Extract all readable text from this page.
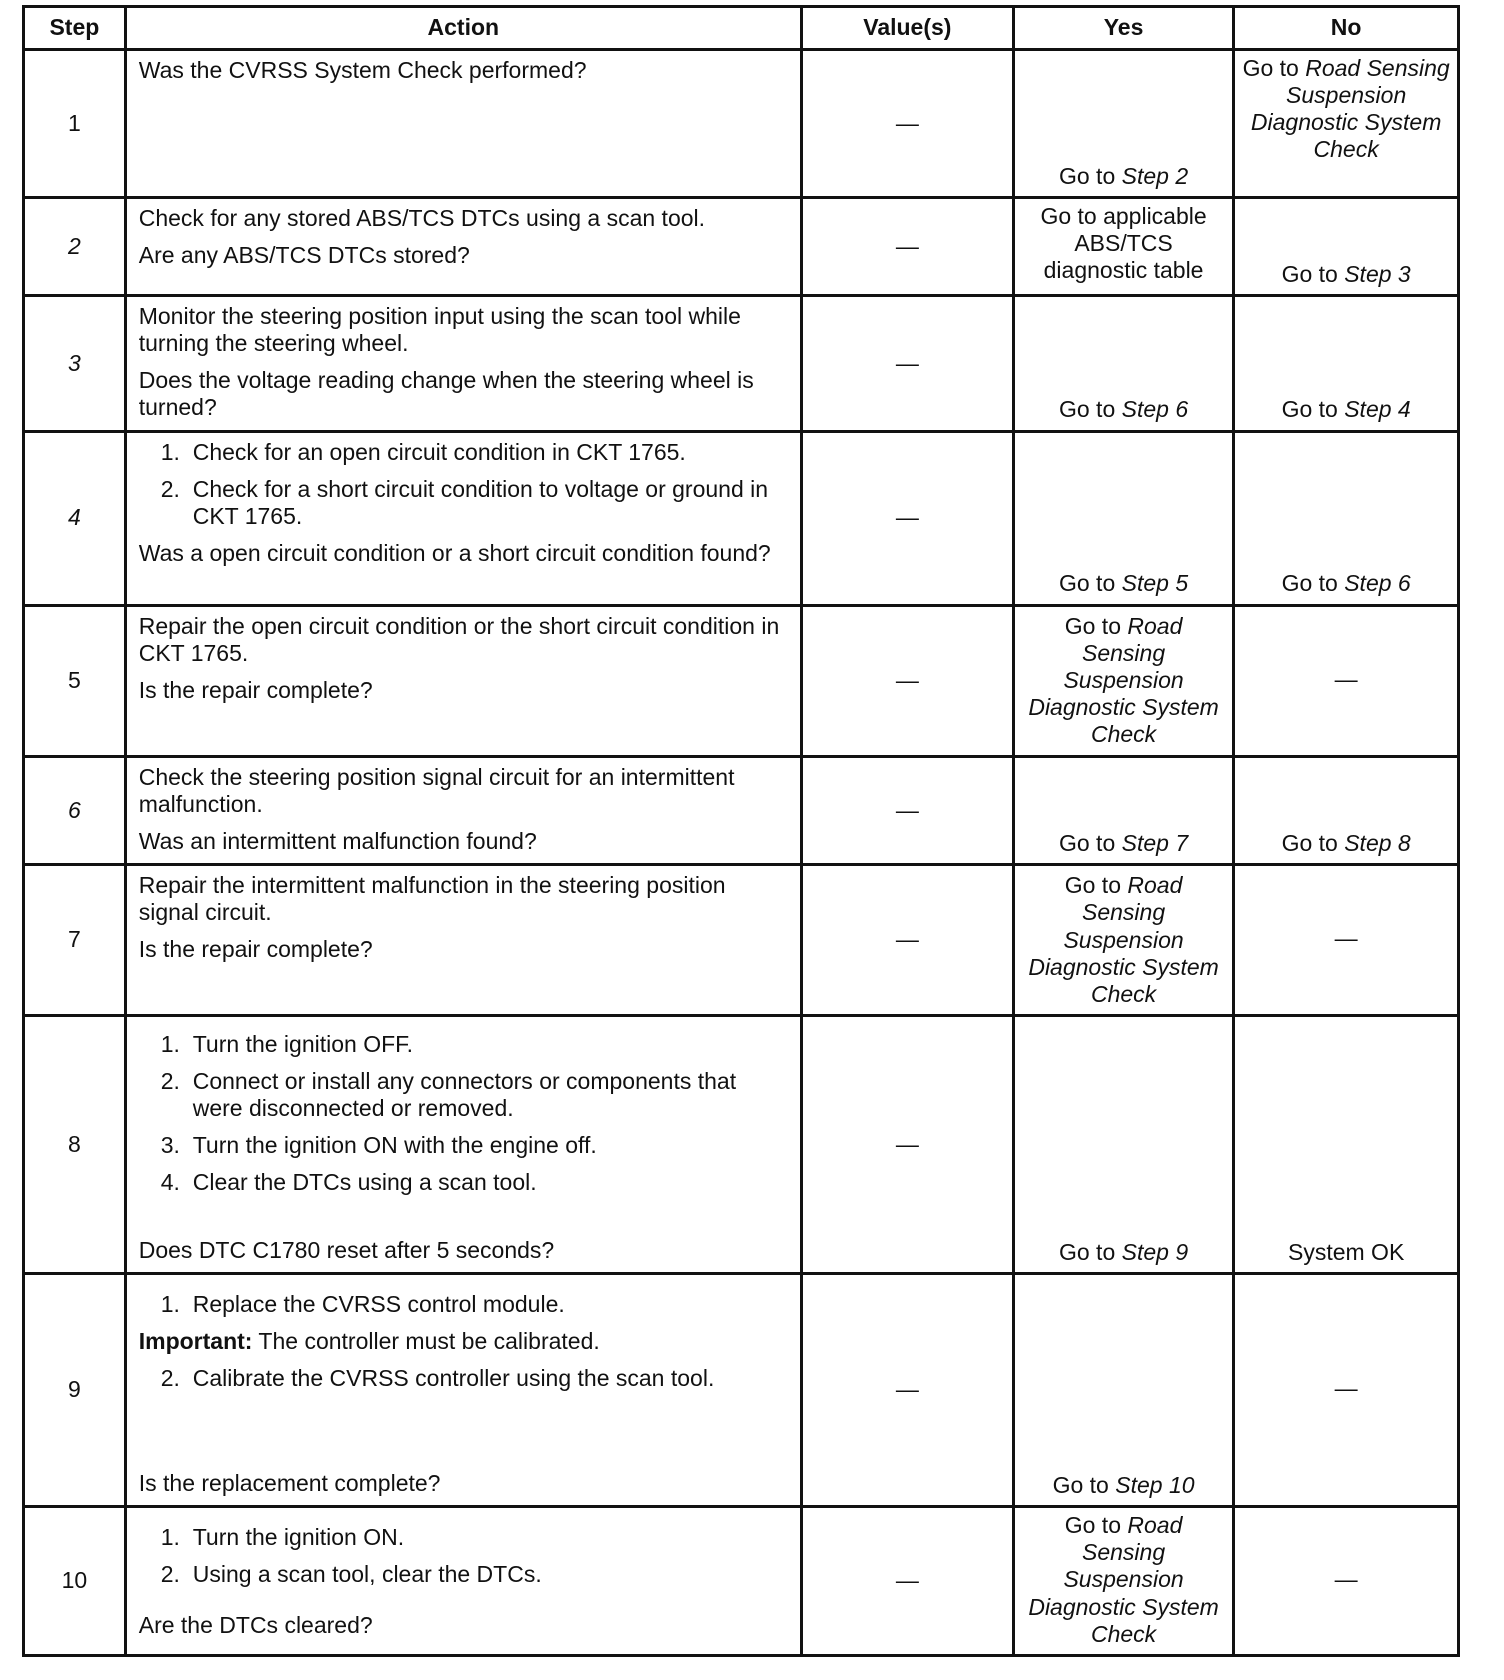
Step	Action	Value(s)	Yes	No
1	Was the CVRSS System Check performed?	—	Go to Step 2	Go to Road Sensing Suspension Diagnostic System Check
2	Check for any stored ABS/TCS DTCs using a scan tool.

Are any ABS/TCS DTCs stored?	—	Go to applicable ABS/TCS diagnostic table	Go to Step 3
3	Monitor the steering position input using the scan tool while turning the steering wheel.

Does the voltage reading change when the steering wheel is turned?	—	Go to Step 6	Go to Step 4
4	1. Check for an open circuit condition in CKT 1765.
2. Check for a short circuit condition to voltage or ground in CKT 1765.

Was a open circuit condition or a short circuit condition found?	—	Go to Step 5	Go to Step 6
5	Repair the open circuit condition or the short circuit condition in CKT 1765.

Is the repair complete?	—	Go to Road Sensing Suspension Diagnostic System Check	—
6	Check the steering position signal circuit for an intermittent malfunction.

Was an intermittent malfunction found?	—	Go to Step 7	Go to Step 8
7	Repair the intermittent malfunction in the steering position signal circuit.

Is the repair complete?	—	Go to Road Sensing Suspension Diagnostic System Check	—
8	1. Turn the ignition OFF.
2. Connect or install any connectors or components that were disconnected or removed.
3. Turn the ignition ON with the engine off.
4. Clear the DTCs using a scan tool.

Does DTC C1780 reset after 5 seconds?	—	Go to Step 9	System OK
9	1. Replace the CVRSS control module.

Important: The controller must be calibrated.

2. Calibrate the CVRSS controller using the scan tool.

Is the replacement complete?	—	Go to Step 10	—
10	1. Turn the ignition ON.
2. Using a scan tool, clear the DTCs.

Are the DTCs cleared?	—	Go to Road Sensing Suspension Diagnostic System Check	—
